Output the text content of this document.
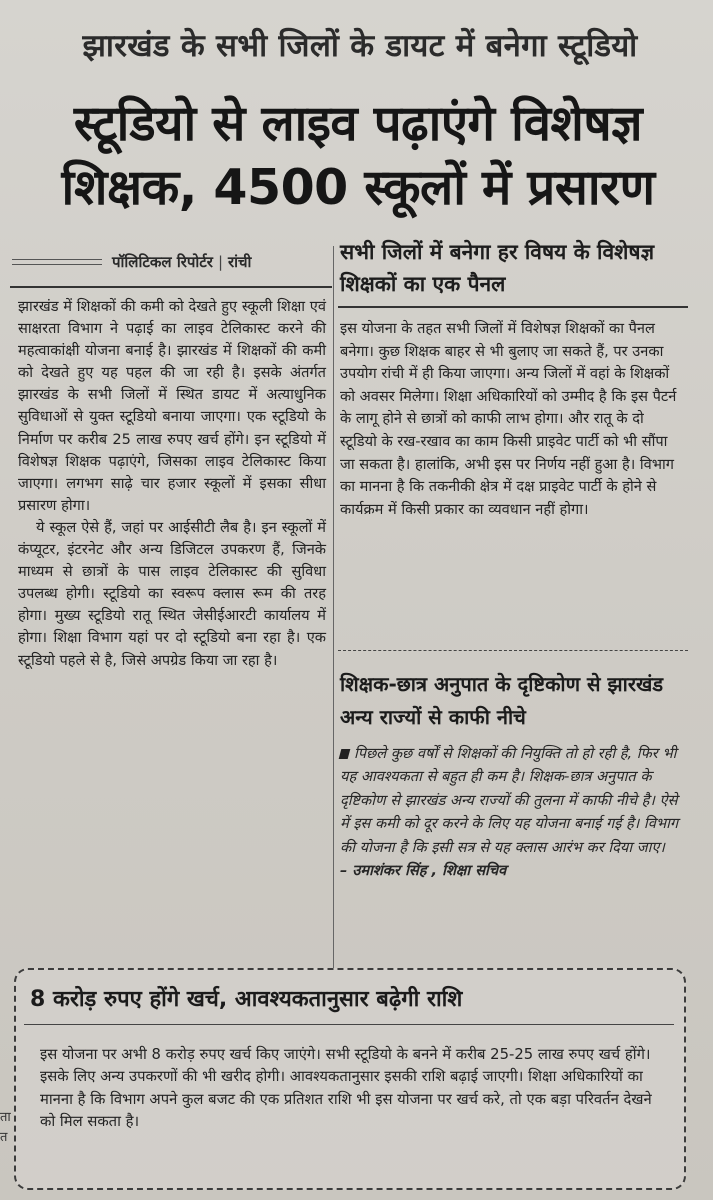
झारखंड के सभी जिलों के डायट में बनेगा स्टूडियो
स्टूडियो से लाइव पढ़ाएंगे विशेषज्ञ
शिक्षक, 4500 स्कूलों में प्रसारण
पॉलिटिकल रिपोर्टर | रांची

झारखंड में शिक्षकों की कमी को देखते हुए स्कूली शिक्षा एवं साक्षरता विभाग ने पढ़ाई का लाइव टेलिकास्ट करने की महत्वाकांक्षी योजना बनाई है। झारखंड में शिक्षकों की कमी को देखते हुए यह पहल की जा रही है। इसके अंतर्गत झारखंड के सभी जिलों में स्थित डायट में अत्याधुनिक सुविधाओं से युक्त स्टूडियो बनाया जाएगा। एक स्टूडियो के निर्माण पर करीब 25 लाख रुपए खर्च होंगे। इन स्टूडियो में विशेषज्ञ शिक्षक पढ़ाएंगे, जिसका लाइव टेलिकास्ट किया जाएगा। लगभग साढ़े चार हजार स्कूलों में इसका सीधा प्रसारण होगा।

ये स्कूल ऐसे हैं, जहां पर आईसीटी लैब है। इन स्कूलों में कंप्यूटर, इंटरनेट और अन्य डिजिटल उपकरण हैं, जिनके माध्यम से छात्रों के पास लाइव टेलिकास्ट की सुविधा उपलब्ध होगी। स्टूडियो का स्वरूप क्लास रूम की तरह होगा। मुख्य स्टूडियो रातू स्थित जेसीईआरटी कार्यालय में होगा। शिक्षा विभाग यहां पर दो स्टूडियो बना रहा है। एक स्टूडियो पहले से है, जिसे अपग्रेड किया जा रहा है।

सभी जिलों में बनेगा हर विषय के विशेषज्ञ शिक्षकों का एक पैनल

इस योजना के तहत सभी जिलों में विशेषज्ञ शिक्षकों का पैनल बनेगा। कुछ शिक्षक बाहर से भी बुलाए जा सकते हैं, पर उनका उपयोग रांची में ही किया जाएगा। अन्य जिलों में वहां के शिक्षकों को अवसर मिलेगा। शिक्षा अधिकारियों को उम्मीद है कि इस पैटर्न के लागू होने से छात्रों को काफी लाभ होगा। और रातू के दो स्टूडियो के रख-रखाव का काम किसी प्राइवेट पार्टी को भी सौंपा जा सकता है। हालांकि, अभी इस पर निर्णय नहीं हुआ है। विभाग का मानना है कि तकनीकी क्षेत्र में दक्ष प्राइवेट पार्टी के होने से कार्यक्रम में किसी प्रकार का व्यवधान नहीं होगा।

शिक्षक-छात्र अनुपात के दृष्टिकोण से झारखंड अन्य राज्यों से काफी नीचे

पिछले कुछ वर्षों से शिक्षकों की नियुक्ति तो हो रही है, फिर भी यह आवश्यकता से बहुत ही कम है। शिक्षक-छात्र अनुपात के दृष्टिकोण से झारखंड अन्य राज्यों की तुलना में काफी नीचे है। ऐसे में इस कमी को दूर करने के लिए यह योजना बनाई गई है। विभाग की योजना है कि इसी सत्र से यह क्लास आरंभ कर दिया जाए।

– उमाशंकर सिंह , शिक्षा सचिव

8 करोड़ रुपए होंगे खर्च, आवश्यकतानुसार बढ़ेगी राशि

इस योजना पर अभी 8 करोड़ रुपए खर्च किए जाएंगे। सभी स्टूडियो के बनने में करीब 25-25 लाख रुपए खर्च होंगे। इसके लिए अन्य उपकरणों की भी खरीद होगी। आवश्यकतानुसार इसकी राशि बढ़ाई जाएगी। शिक्षा अधिकारियों का मानना है कि विभाग अपने कुल बजट की एक प्रतिशत राशि भी इस योजना पर खर्च करे, तो एक बड़ा परिवर्तन देखने को मिल सकता है।

ता
त
